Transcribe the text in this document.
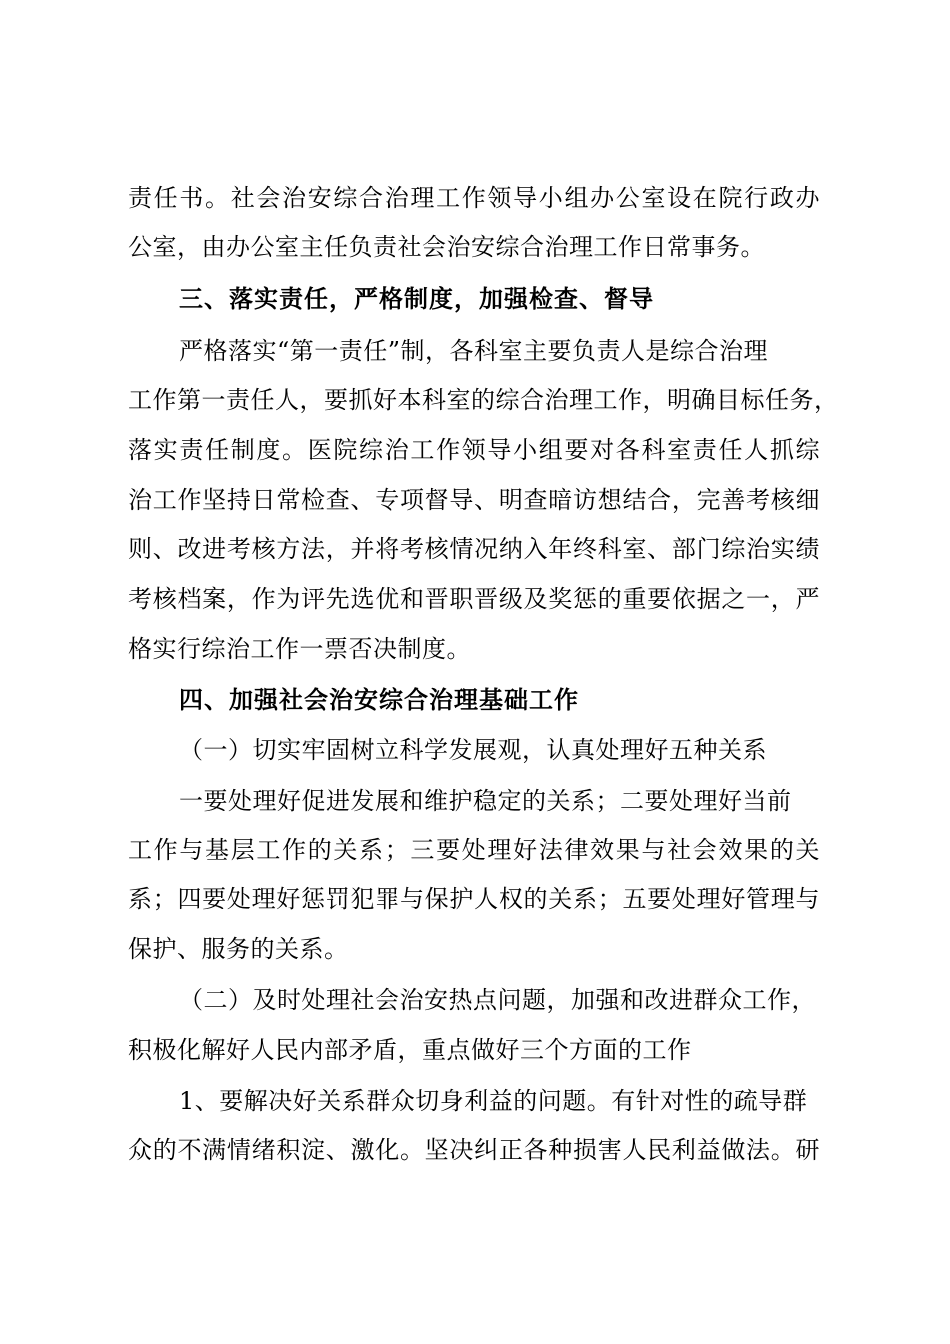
责任书。社会治安综合治理工作领导小组办公室设在院行政办
公室，由办公室主任负责社会治安综合治理工作日常事务。
三、落实责任，严格制度，加强检查、督导
严格落实“第一责任”制，各科室主要负责人是综合治理
工作第一责任人，要抓好本科室的综合治理工作，明确目标任务，
落实责任制度。医院综治工作领导小组要对各科室责任人抓综
治工作坚持日常检查、专项督导、明查暗访想结合，完善考核细
则、改进考核方法，并将考核情况纳入年终科室、部门综治实绩
考核档案，作为评先选优和晋职晋级及奖惩的重要依据之一，严
格实行综治工作一票否决制度。
四、加强社会治安综合治理基础工作
（一）切实牢固树立科学发展观，认真处理好五种关系
一要处理好促进发展和维护稳定的关系；二要处理好当前
工作与基层工作的关系；三要处理好法律效果与社会效果的关
系；四要处理好惩罚犯罪与保护人权的关系；五要处理好管理与
保护、服务的关系。
（二）及时处理社会治安热点问题，加强和改进群众工作，
积极化解好人民内部矛盾，重点做好三个方面的工作
1、要解决好关系群众切身利益的问题。有针对性的疏导群
众的不满情绪积淀、激化。坚决纠正各种损害人民利益做法。研
